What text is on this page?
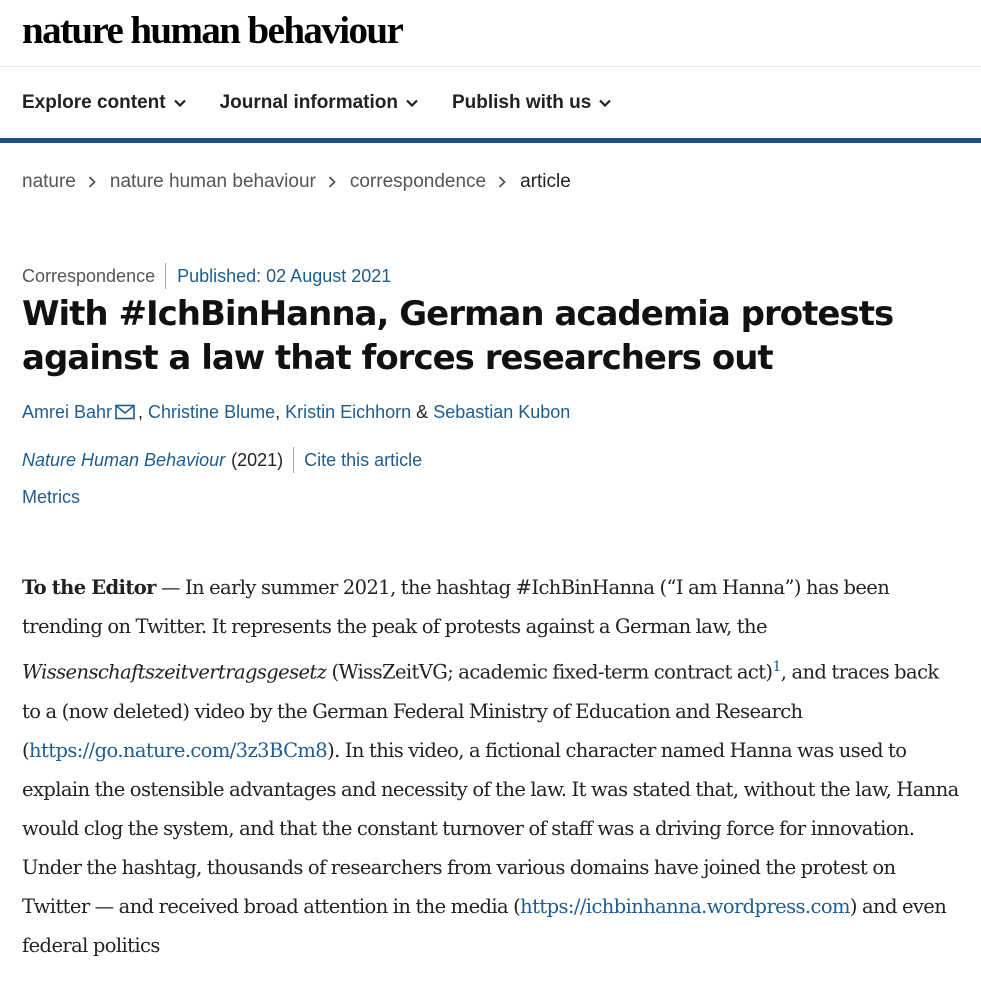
nature human behaviour
Explore content	Journal information	Publish with us
nature nature human behaviour correspondence article
Correspondence	Published: 02 August 2021
With #IchBinHanna, German academia protests against a law that forces researchers out
Amrei Bahr , Christine Blume, Kristin Eichhorn & Sebastian Kubon
Nature Human Behaviour (2021)	Cite this article
Metrics

To the Editor — In early summer 2021, the hashtag #IchBinHanna (“I am Hanna”) has been trending on Twitter. It represents the peak of protests against a German law, the Wissenschaftszeitvertragsgesetz (WissZeitVG; academic fixed-term contract act)$^1$, and traces back to a (now deleted) video by the German Federal Ministry of Education and Research (https://go.nature.com/3z3BCm8). In this video, a fictional character named Hanna was used to explain the ostensible advantages and necessity of the law. It was stated that, without the law, Hanna would clog the system, and that the constant turnover of staff was a driving force for innovation. Under the hashtag, thousands of researchers from various domains have joined the protest on Twitter — and received broad attention in the media (https://ichbinhanna.wordpress.com) and even federal politics
